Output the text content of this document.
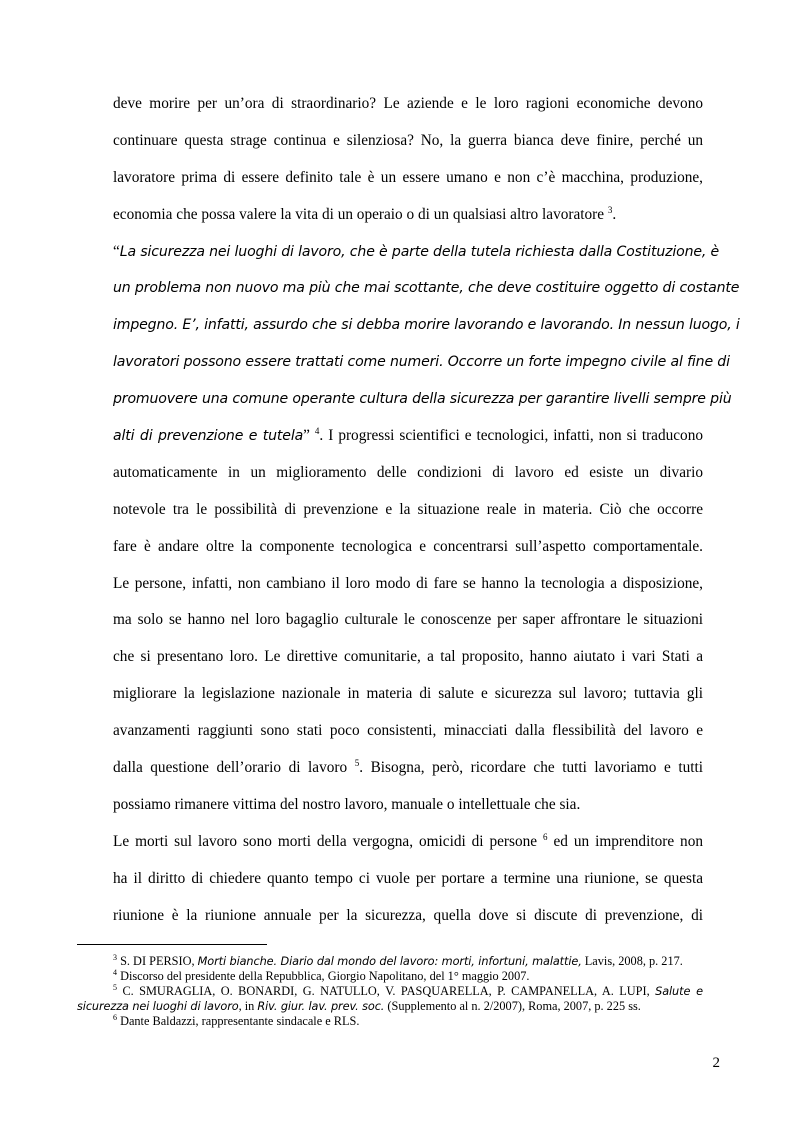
deve morire per un’ora di straordinario? Le aziende e le loro ragioni economiche devono
continuare questa strage continua e silenziosa? No, la guerra bianca deve finire, perché un
lavoratore prima di essere definito tale è un essere umano e non c’è macchina, produzione,
economia che possa valere la vita di un operaio o di un qualsiasi altro lavoratore $^3$.
“La sicurezza nei luoghi di lavoro, che è parte della tutela richiesta dalla Costituzione, è
un problema non nuovo ma più che mai scottante, che deve costituire oggetto di costante
impegno. E’, infatti, assurdo che si debba morire lavorando e lavorando. In nessun luogo, i
lavoratori possono essere trattati come numeri. Occorre un forte impegno civile al fine di
promuovere una comune operante cultura della sicurezza per garantire livelli sempre più
alti di prevenzione e tutela” $^4$. I progressi scientifici e tecnologici, infatti, non si traducono
automaticamente in un miglioramento delle condizioni di lavoro ed esiste un divario
notevole tra le possibilità di prevenzione e la situazione reale in materia. Ciò che occorre
fare è andare oltre la componente tecnologica e concentrarsi sull’aspetto comportamentale.
Le persone, infatti, non cambiano il loro modo di fare se hanno la tecnologia a disposizione,
ma solo se hanno nel loro bagaglio culturale le conoscenze per saper affrontare le situazioni
che si presentano loro. Le direttive comunitarie, a tal proposito, hanno aiutato i vari Stati a
migliorare la legislazione nazionale in materia di salute e sicurezza sul lavoro; tuttavia gli
avanzamenti raggiunti sono stati poco consistenti, minacciati dalla flessibilità del lavoro e
dalla questione dell’orario di lavoro $^5$. Bisogna, però, ricordare che tutti lavoriamo e tutti
possiamo rimanere vittima del nostro lavoro, manuale o intellettuale che sia.
Le morti sul lavoro sono morti della vergogna, omicidi di persone $^6$ ed un imprenditore non
ha il diritto di chiedere quanto tempo ci vuole per portare a termine una riunione, se questa
riunione è la riunione annuale per la sicurezza, quella dove si discute di prevenzione, di
$^3$ S. DI PERSIO, Morti bianche. Diario dal mondo del lavoro: morti, infortuni, malattie, Lavis, 2008, p. 217.
$^4$ Discorso del presidente della Repubblica, Giorgio Napolitano, del 1° maggio 2007.
$^5$ C. SMURAGLIA, O. BONARDI, G. NATULLO, V. PASQUARELLA, P. CAMPANELLA, A. LUPI, Salute e sicurezza nei luoghi di lavoro, in Riv. giur. lav. prev. soc. (Supplemento al n. 2/2007), Roma, 2007, p. 225 ss.
$^6$ Dante Baldazzi, rappresentante sindacale e RLS.
2
